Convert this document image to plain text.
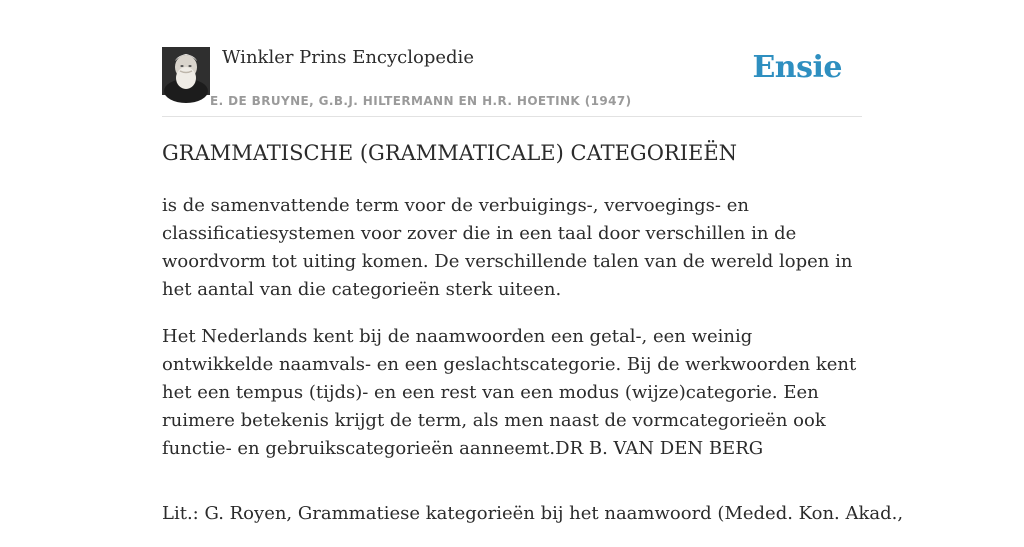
Winkler Prins Encyclopedie
E. DE BRUYNE, G.B.J. HILTERMANN EN H.R. HOETINK (1947)
Ensie
GRAMMATISCHE (GRAMMATICALE) CATEGORIEËN

is de samenvattende term voor de verbuigings-, vervoegings- en classificatiesystemen voor zover die in een taal door verschillen in de woordvorm tot uiting komen. De verschillende talen van de wereld lopen in het aantal van die categorieën sterk uiteen.

Het Nederlands kent bij de naamwoorden een getal-, een weinig ontwikkelde naamvals- en een geslachtscategorie. Bij de werkwoorden kent het een tempus (tijds)- en een rest van een modus (wijze)categorie. Een ruimere betekenis krijgt de term, als men naast de vormcategorieën ook functie- en gebruikscategorieën aanneemt.DR B. VAN DEN BERG

Lit.: G. Royen, Grammatiese kategorieën bij het naamwoord (Meded. Kon. Akad.,
